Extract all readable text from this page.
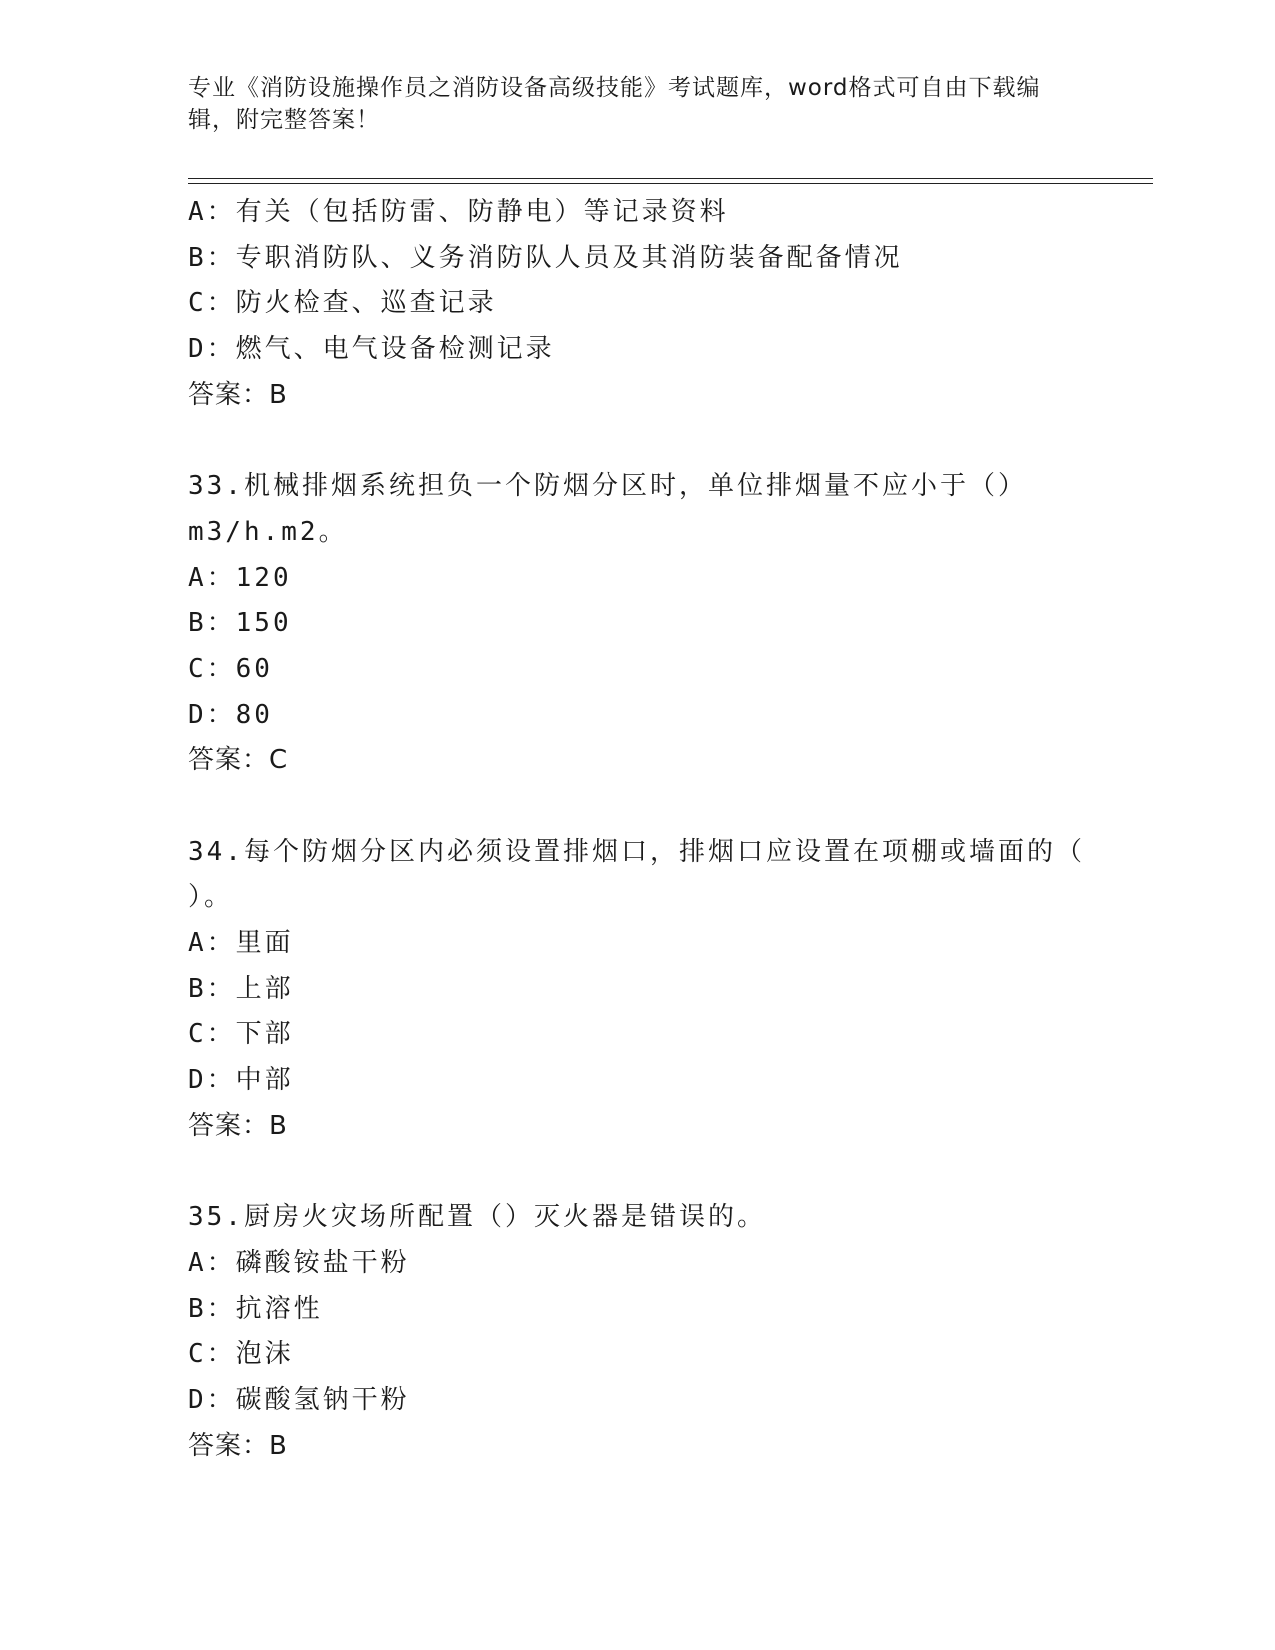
专业《消防设施操作员之消防设备高级技能》考试题库，word格式可自由下载编
辑，附完整答案！
A：有关（包括防雷、防静电）等记录资料
B：专职消防队、义务消防队人员及其消防装备配备情况
C：防火检查、巡查记录
D：燃气、电气设备检测记录
答案：B
33.机械排烟系统担负一个防烟分区时，单位排烟量不应小于（）
m3/h.m2。
A：120
B：150
C：60
D：80
答案：C
34.每个防烟分区内必须设置排烟口，排烟口应设置在项棚或墙面的（
）。
A：里面
B：上部
C：下部
D：中部
答案：B
35.厨房火灾场所配置（）灭火器是错误的。
A：磷酸铵盐干粉
B：抗溶性
C：泡沫
D：碳酸氢钠干粉
答案：B
